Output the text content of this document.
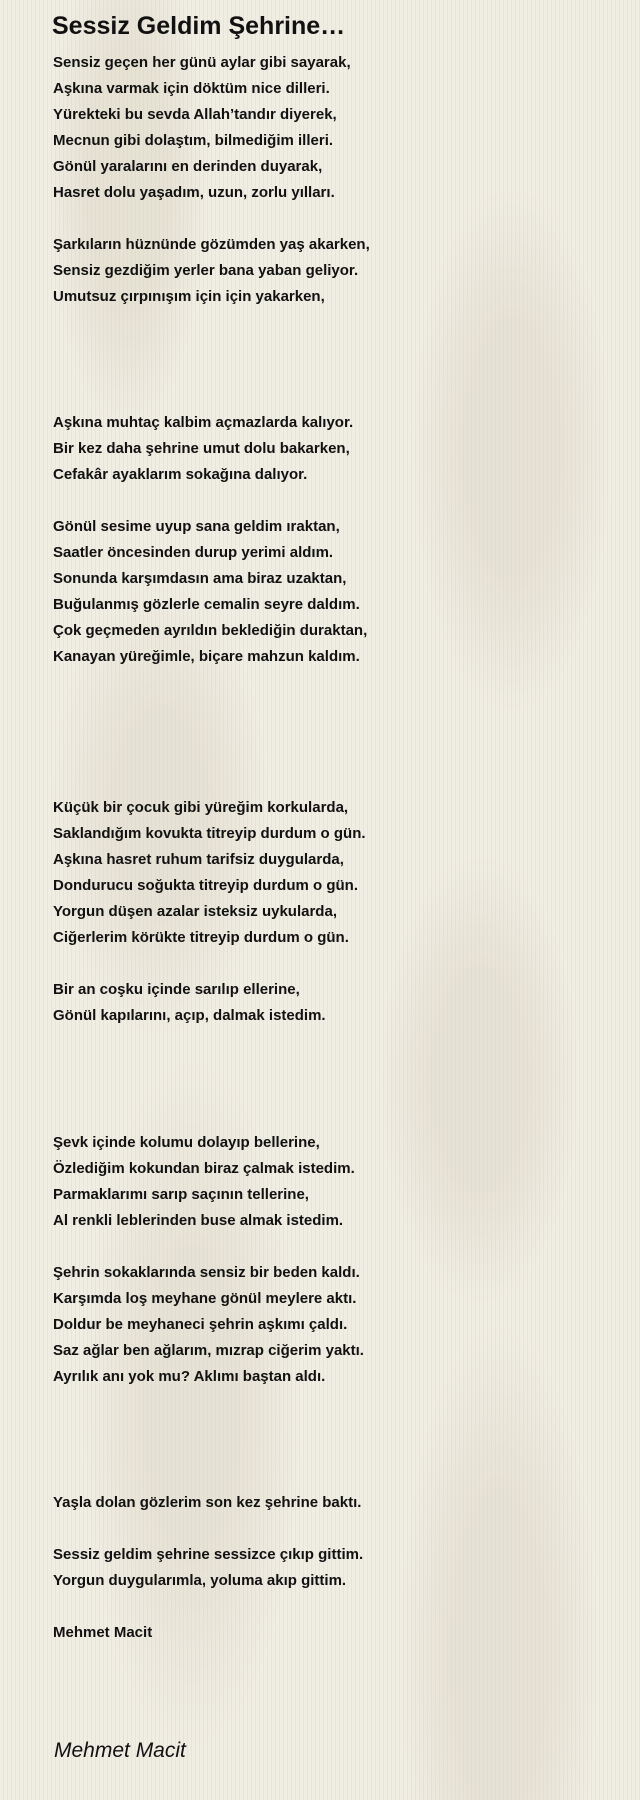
Sessiz Geldim Şehrine…
Sensiz geçen her günü aylar gibi sayarak,
Aşkına varmak için döktüm nice dilleri.
Yürekteki bu sevda Allah’tandır diyerek,
Mecnun gibi dolaştım, bilmediğim illeri.
Gönül yaralarını en derinden duyarak,
Hasret dolu yaşadım, uzun, zorlu yılları.
Şarkıların hüznünde gözümden yaş akarken,
Sensiz gezdiğim yerler bana yaban geliyor.
Umutsuz çırpınışım için için yakarken,
Aşkına muhtaç kalbim açmazlarda kalıyor.
Bir kez daha şehrine umut dolu bakarken,
Cefakâr ayaklarım sokağına dalıyor.
Gönül sesime uyup sana geldim ıraktan,
Saatler öncesinden durup yerimi aldım.
Sonunda karşımdasın ama biraz uzaktan,
Buğulanmış gözlerle cemalin seyre daldım.
Çok geçmeden ayrıldın beklediğin duraktan,
Kanayan yüreğimle, biçare mahzun kaldım.
Küçük bir çocuk gibi yüreğim korkularda,
Saklandığım kovukta titreyip durdum o gün.
Aşkına hasret ruhum tarifsiz duygularda,
Dondurucu soğukta titreyip durdum o gün.
Yorgun düşen azalar isteksiz uykularda,
Ciğerlerim körükte titreyip durdum o gün.
Bir an coşku içinde sarılıp ellerine,
Gönül kapılarını, açıp, dalmak istedim.
Şevk içinde kolumu dolayıp bellerine,
Özlediğim kokundan biraz çalmak istedim.
Parmaklarımı sarıp saçının tellerine,
Al renkli leblerinden buse almak istedim.
Şehrin sokaklarında sensiz bir beden kaldı.
Karşımda loş meyhane gönül meylere aktı.
Doldur be meyhaneci şehrin aşkımı çaldı.
Saz ağlar ben ağlarım, mızrap ciğerim yaktı.
Ayrılık anı yok mu? Aklımı baştan aldı.
Yaşla dolan gözlerim son kez şehrine baktı.
Sessiz geldim şehrine sessizce çıkıp gittim.
Yorgun duygularımla, yoluma akıp gittim.
Mehmet Macit
Mehmet Macit
